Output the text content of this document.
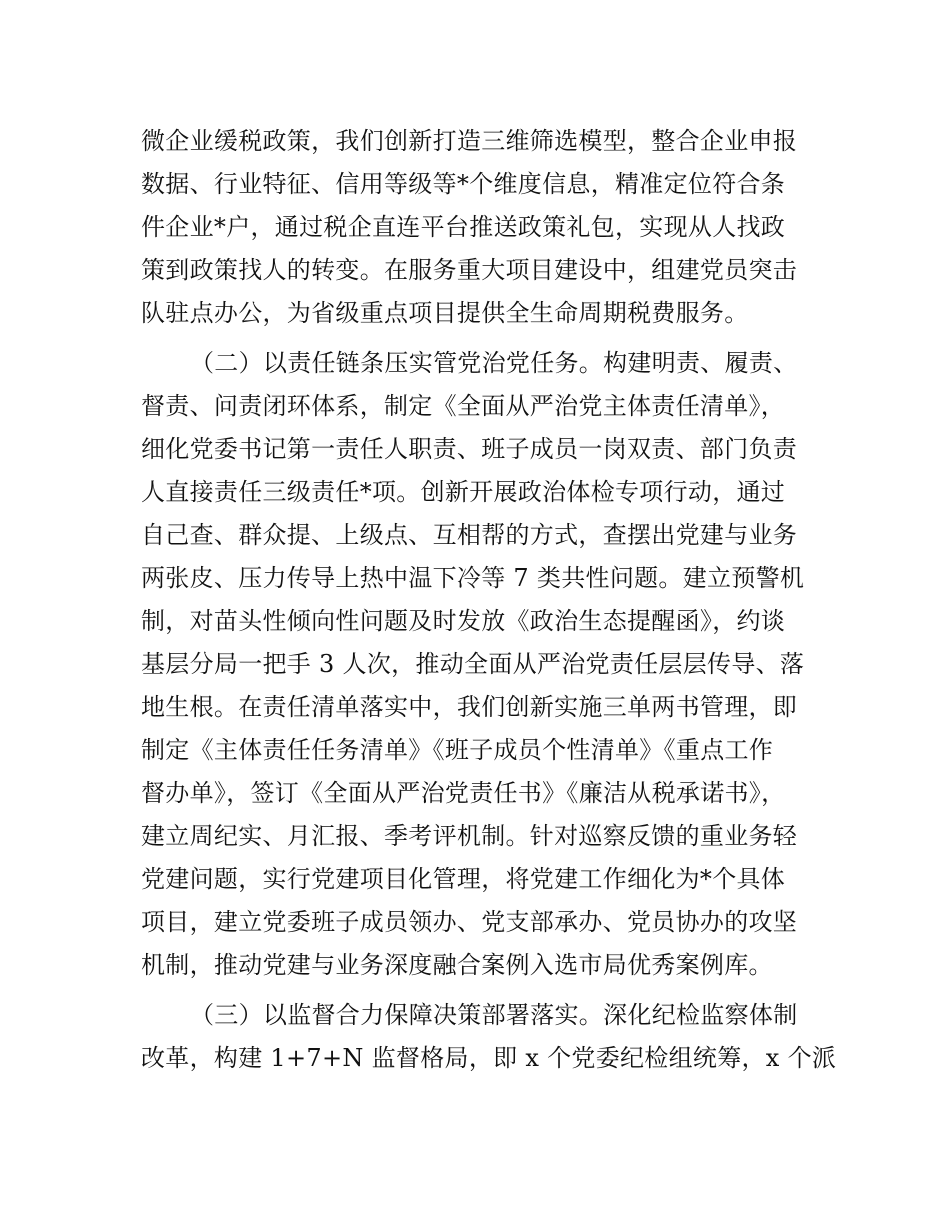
微企业缓税政策，我们创新打造三维筛选模型，整合企业申报
数据、行业特征、信用等级等*个维度信息，精准定位符合条
件企业*户，通过税企直连平台推送政策礼包，实现从人找政
策到政策找人的转变。在服务重大项目建设中，组建党员突击
队驻点办公，为省级重点项目提供全生命周期税费服务。
（二）以责任链条压实管党治党任务。构建明责、履责、
督责、问责闭环体系，制定《全面从严治党主体责任清单》，
细化党委书记第一责任人职责、班子成员一岗双责、部门负责
人直接责任三级责任*项。创新开展政治体检专项行动，通过
自己查、群众提、上级点、互相帮的方式，查摆出党建与业务
两张皮、压力传导上热中温下冷等 7 类共性问题。建立预警机
制，对苗头性倾向性问题及时发放《政治生态提醒函》，约谈
基层分局一把手 3 人次，推动全面从严治党责任层层传导、落
地生根。在责任清单落实中，我们创新实施三单两书管理，即
制定《主体责任任务清单》《班子成员个性清单》《重点工作
督办单》，签订《全面从严治党责任书》《廉洁从税承诺书》，
建立周纪实、月汇报、季考评机制。针对巡察反馈的重业务轻
党建问题，实行党建项目化管理，将党建工作细化为*个具体
项目，建立党委班子成员领办、党支部承办、党员协办的攻坚
机制，推动党建与业务深度融合案例入选市局优秀案例库。
（三）以监督合力保障决策部署落实。深化纪检监察体制
改革，构建 1+7+N 监督格局，即 x 个党委纪检组统筹，x 个派
